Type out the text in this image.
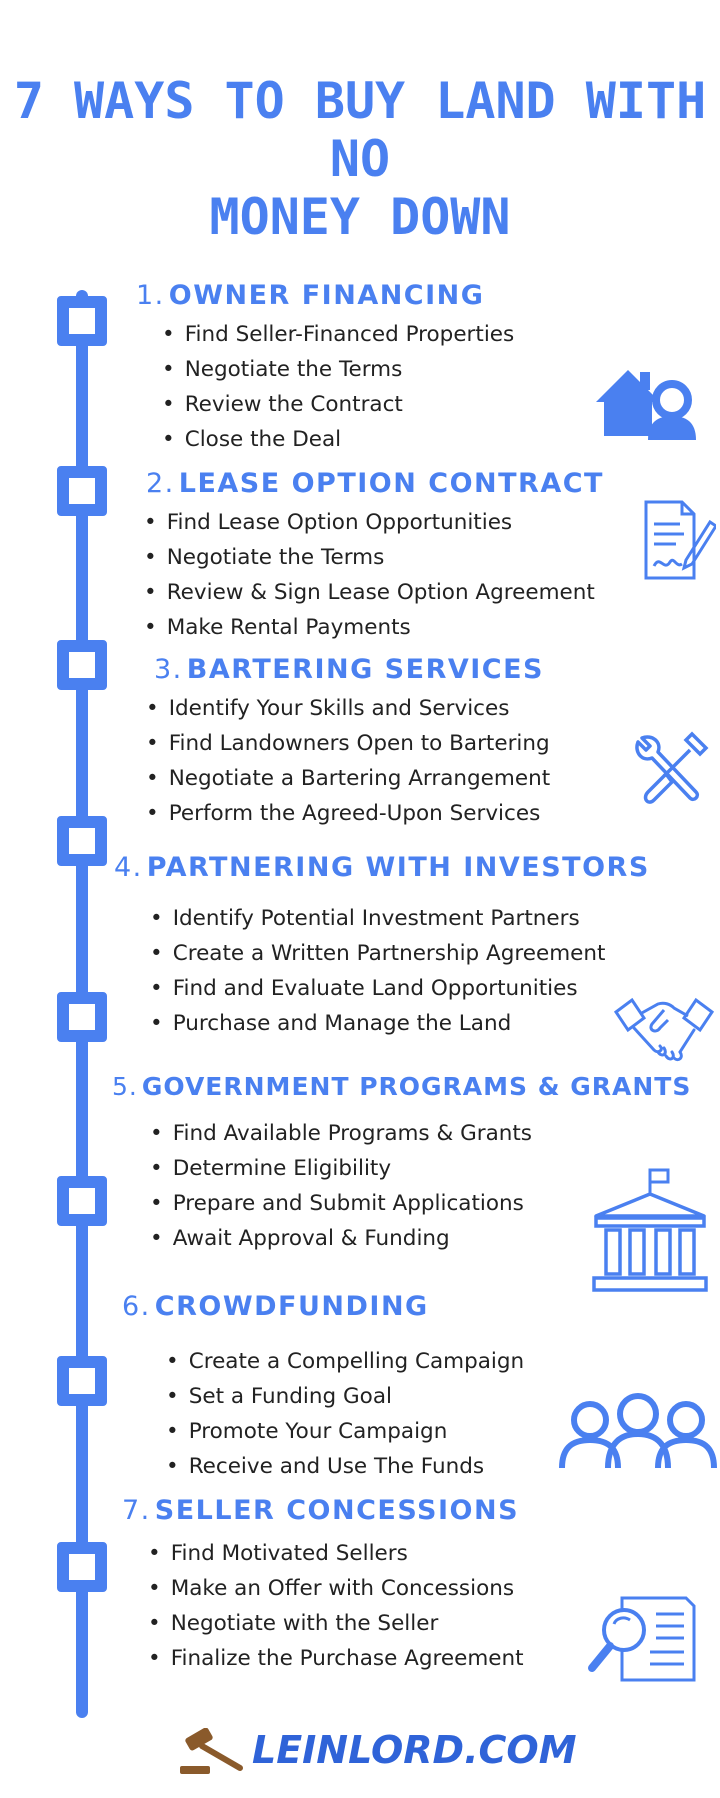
7 WAYS TO BUY LAND WITH NO
MONEY DOWN
1. OWNER FINANCING
• Find Seller-Financed Properties
• Negotiate the Terms
• Review the Contract
• Close the Deal
2. LEASE OPTION CONTRACT
• Find Lease Option Opportunities
• Negotiate the Terms
• Review & Sign Lease Option Agreement
• Make Rental Payments
3. BARTERING SERVICES
• Identify Your Skills and Services
• Find Landowners Open to Bartering
• Negotiate a Bartering Arrangement
• Perform the Agreed-Upon Services
4. PARTNERING WITH INVESTORS
• Identify Potential Investment Partners
• Create a Written Partnership Agreement
• Find and Evaluate Land Opportunities
• Purchase and Manage the Land
5. GOVERNMENT PROGRAMS & GRANTS
• Find Available Programs & Grants
• Determine Eligibility
• Prepare and Submit Applications
• Await Approval & Funding
6. CROWDFUNDING
• Create a Compelling Campaign
• Set a Funding Goal
• Promote Your Campaign
• Receive and Use The Funds
7. SELLER CONCESSIONS
• Find Motivated Sellers
• Make an Offer with Concessions
• Negotiate with the Seller
• Finalize the Purchase Agreement
LEINLORD.COM
